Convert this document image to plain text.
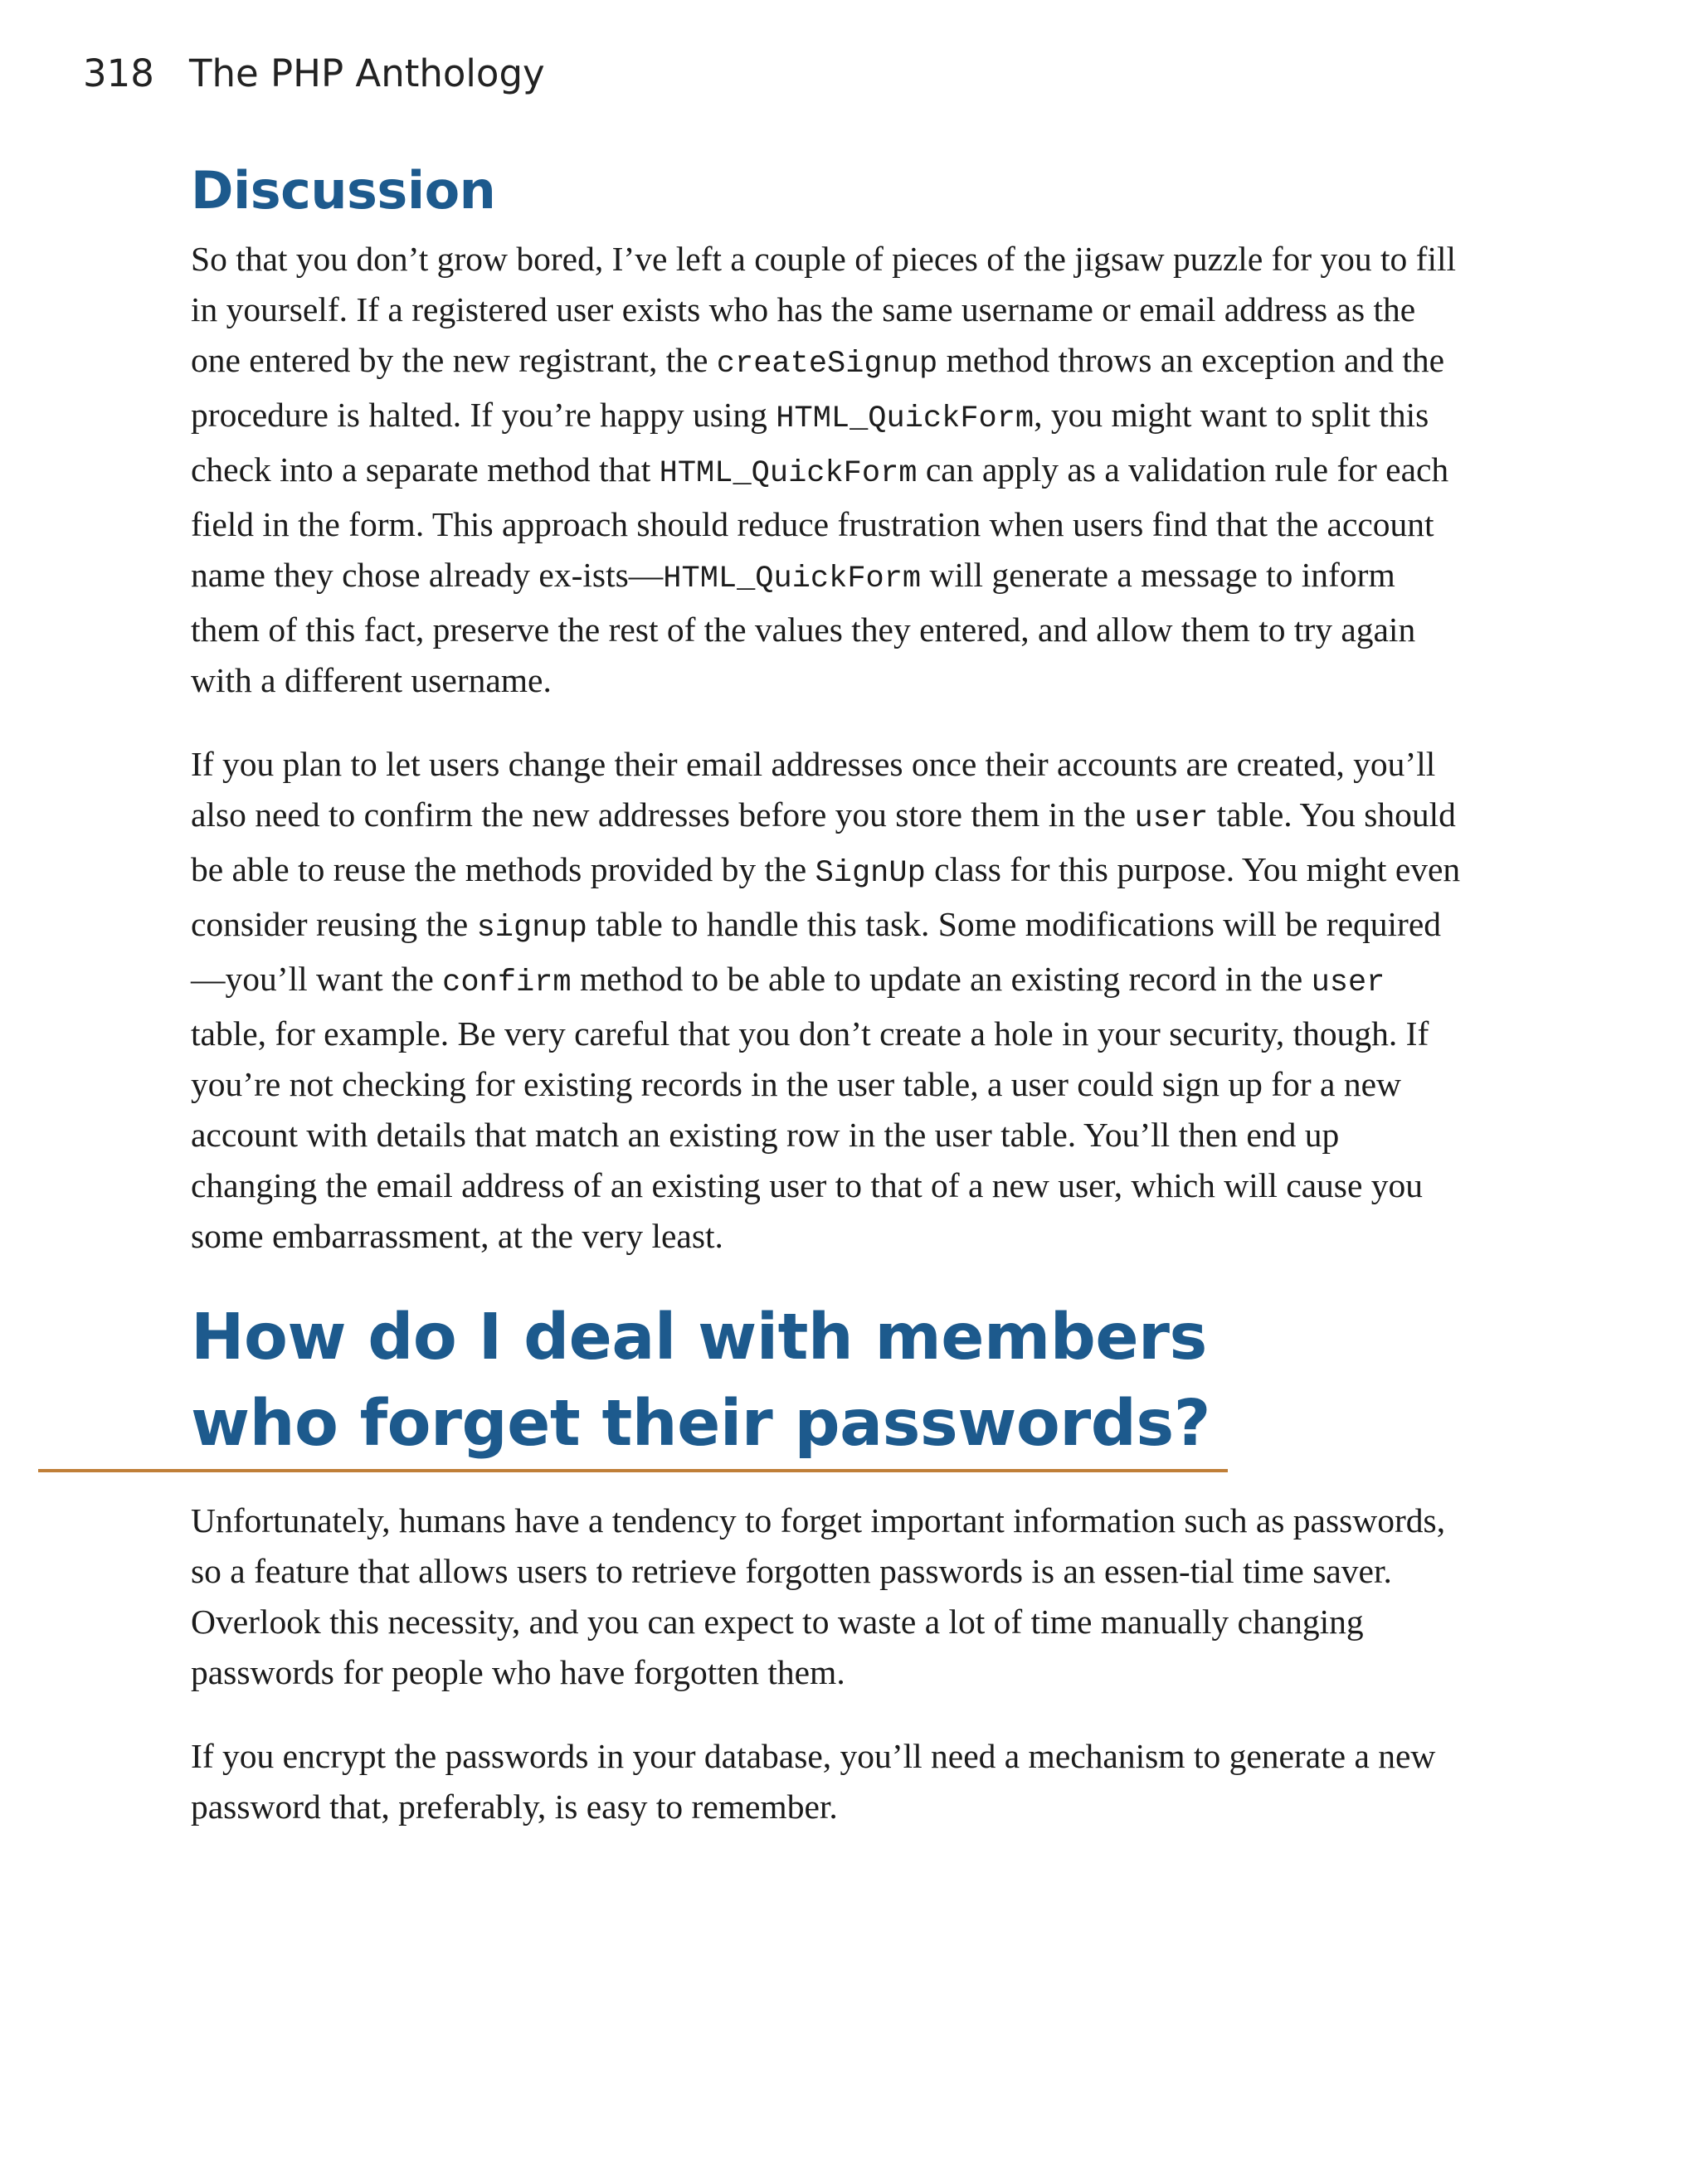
318 The PHP Anthology
Discussion

So that you don’t grow bored, I’ve left a couple of pieces of the jigsaw puzzle for you to fill in yourself. If a registered user exists who has the same username or email address as the one entered by the new registrant, the createSignup method throws an exception and the procedure is halted. If you’re happy using HTML_QuickForm, you might want to split this check into a separate method that HTML_QuickForm can apply as a validation rule for each field in the form. This approach should reduce frustration when users find that the account name they chose already ex-ists—HTML_QuickForm will generate a message to inform them of this fact, preserve the rest of the values they entered, and allow them to try again with a different username.

If you plan to let users change their email addresses once their accounts are created, you’ll also need to confirm the new addresses before you store them in the user table. You should be able to reuse the methods provided by the SignUp class for this purpose. You might even consider reusing the signup table to handle this task. Some modifications will be required—you’ll want the confirm method to be able to update an existing record in the user table, for example. Be very careful that you don’t create a hole in your security, though. If you’re not checking for existing records in the user table, a user could sign up for a new account with details that match an existing row in the user table. You’ll then end up changing the email address of an existing user to that of a new user, which will cause you some embarrassment, at the very least.

How do I deal with members
who forget their passwords?

Unfortunately, humans have a tendency to forget important information such as passwords, so a feature that allows users to retrieve forgotten passwords is an essen-tial time saver. Overlook this necessity, and you can expect to waste a lot of time manually changing passwords for people who have forgotten them.

If you encrypt the passwords in your database, you’ll need a mechanism to generate a new password that, preferably, is easy to remember.
